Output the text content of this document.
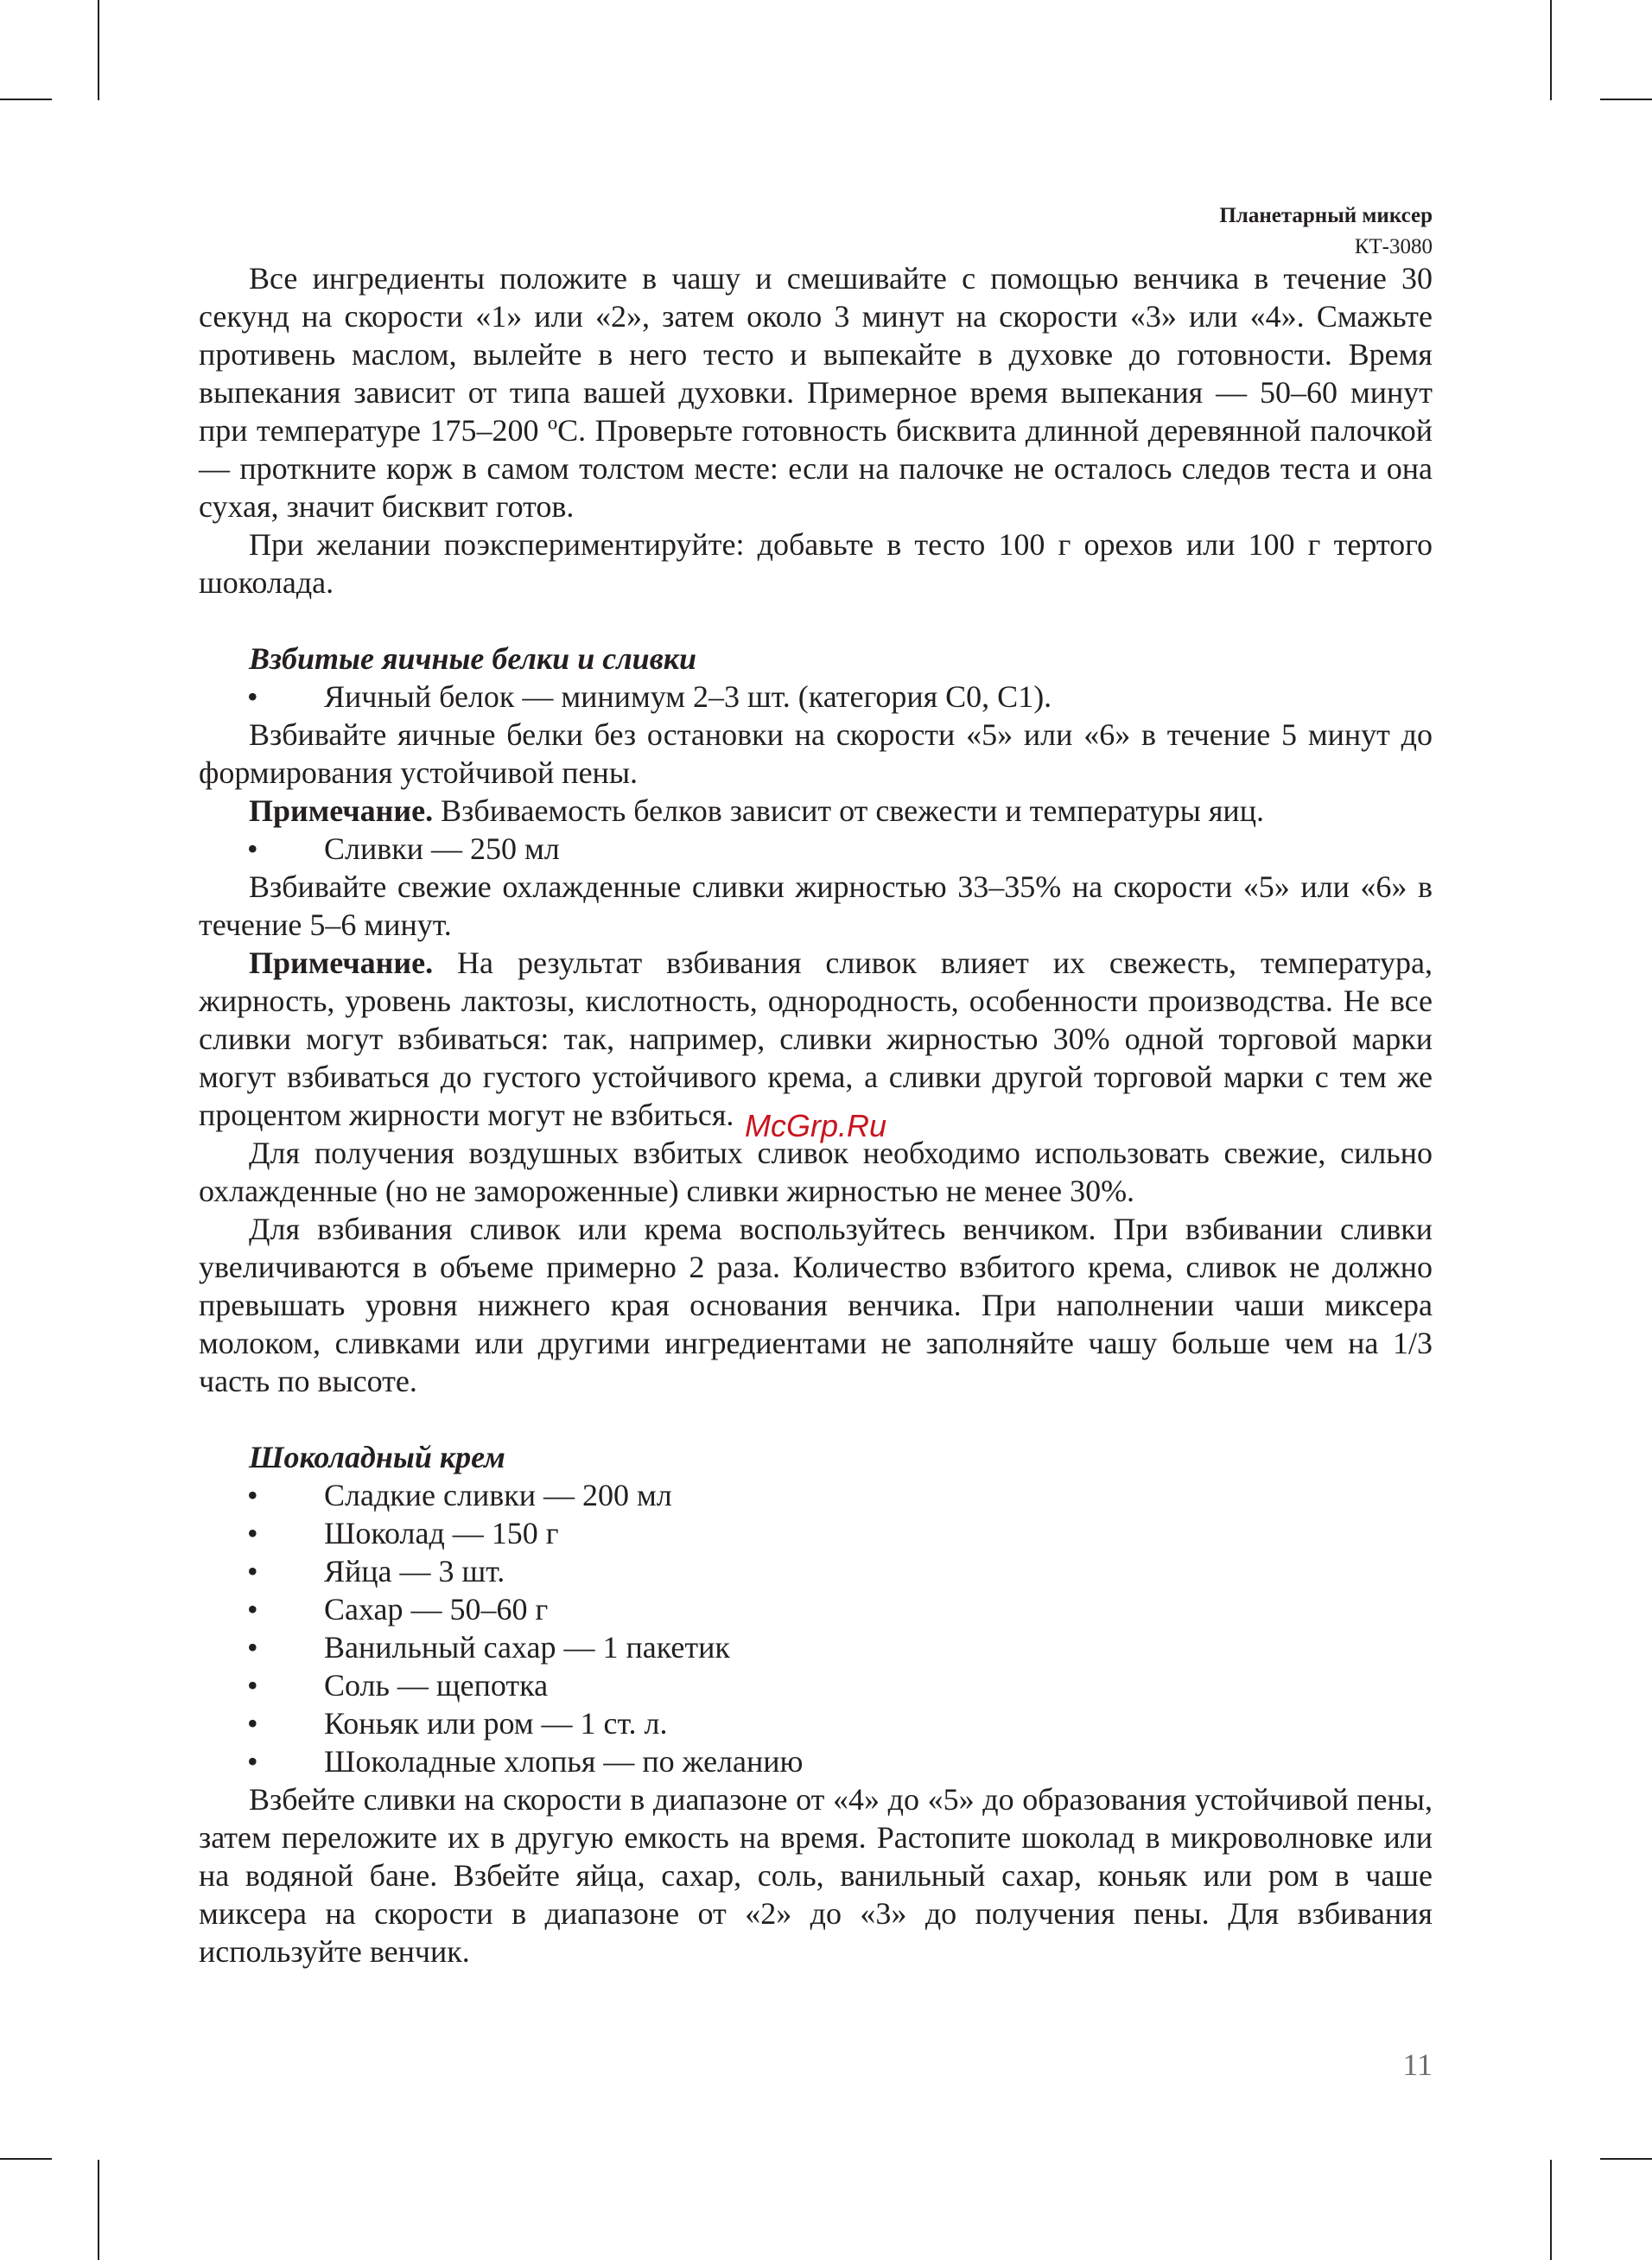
Планетарный миксер
КТ-3080

Все ингредиенты положите в чашу и смешивайте с помощью венчика в течение 30 секунд на скорости «1» или «2», затем около 3 минут на скорости «3» или «4». Смажьте противень маслом, вылейте в него тесто и выпекайте в духовке до готовности. Время выпекания зависит от типа вашей духовки. Примерное время выпекания — 50–60 минут при температуре 175–200 ºC. Проверьте готовность бисквита длинной деревянной палочкой — проткните корж в самом толстом месте: если на палочке не осталось следов теста и она сухая, значит бисквит готов.

При желании поэкспериментируйте: добавьте в тесто 100 г орехов или 100 г тертого шоколада.

Взбитые яичные белки и сливки
• Яичный белок — минимум 2–3 шт. (категория С0, С1).

Взбивайте яичные белки без остановки на скорости «5» или «6» в течение 5 минут до формирования устойчивой пены.

Примечание. Взбиваемость белков зависит от свежести и температуры яиц.

• Сливки — 250 мл

Взбивайте свежие охлажденные сливки жирностью 33–35% на скорости «5» или «6» в течение 5–6 минут.

Примечание. На результат взбивания сливок влияет их свежесть, температура, жирность, уровень лактозы, кислотность, однородность, особенности производства. Не все сливки могут взбиваться: так, например, сливки жирностью 30% одной торговой марки могут взбиваться до густого устойчивого крема, а сливки другой торговой марки с тем же процентом жирности могут не взбиться.

Для получения воздушных взбитых сливок необходимо использовать свежие, сильно охлажденные (но не замороженные) сливки жирностью не менее 30%.

Для взбивания сливок или крема воспользуйтесь венчиком. При взбивании сливки увеличиваются в объеме примерно 2 раза. Количество взбитого крема, сливок не должно превышать уровня нижнего края основания венчика. При наполнении чаши миксера молоком, сливками или другими ингредиентами не заполняйте чашу больше чем на 1/3 часть по высоте.

Шоколадный крем
• Сладкие сливки — 200 мл
• Шоколад — 150 г
• Яйца — 3 шт.
• Сахар — 50–60 г
• Ванильный сахар — 1 пакетик
• Соль — щепотка
• Коньяк или ром — 1 ст. л.
• Шоколадные хлопья — по желанию

Взбейте сливки на скорости в диапазоне от «4» до «5» до образования устойчивой пены, затем переложите их в другую емкость на время. Растопите шоколад в микроволновке или на водяной бане. Взбейте яйца, сахар, соль, ванильный сахар, коньяк или ром в чаше миксера на скорости в диапазоне от «2» до «3» до получения пены. Для взбивания используйте венчик.

McGrp.Ru
11
